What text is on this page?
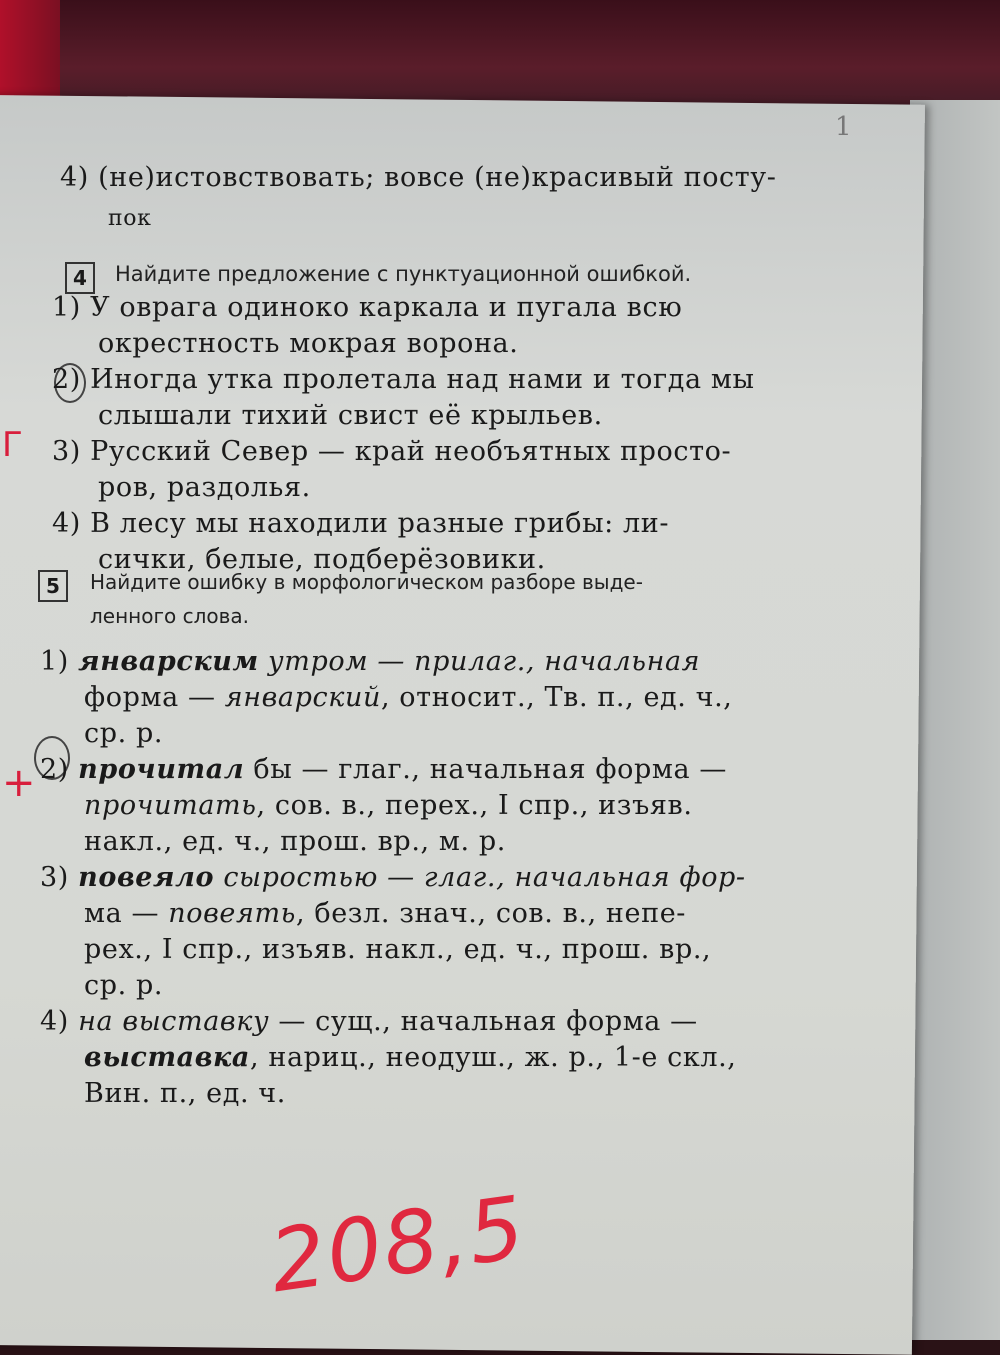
1
4) (не)истовствовать; вовсе (не)красивый посту-
пок
4	Найдите предложение с пунктуационной ошибкой.
1) У оврага одиноко каркала и пугала всю
окрестность мокрая ворона.
2) Иногда утка пролетала над нами и тогда мы
слышали тихий свист её крыльев.
3) Русский Север — край необъятных просто-
ров, раздолья.
4) В лесу мы находили разные грибы: ли-
сички, белые, подберёзовики.
5	Найдите ошибку в морфологическом разборе выде-
ленного слова.
1) январским утром — прилаг., начальная
форма — январский, относит., Тв. п., ед. ч.,
ср. р.
2) прочитал бы — глаг., начальная форма —
прочитать, сов. в., перех., I спр., изъяв.
накл., ед. ч., прош. вр., м. р.
3) повеяло сыростью — глаг., начальная фор-
ма — повеять, безл. знач., сов. в., непе-
рех., I спр., изъяв. накл., ед. ч., прош. вр.,
ср. р.
4) на выставку — сущ., начальная форма —
выставка, нариц., неодуш., ж. р., 1-е скл.,
Вин. п., ед. ч.
Г
+
208,5
